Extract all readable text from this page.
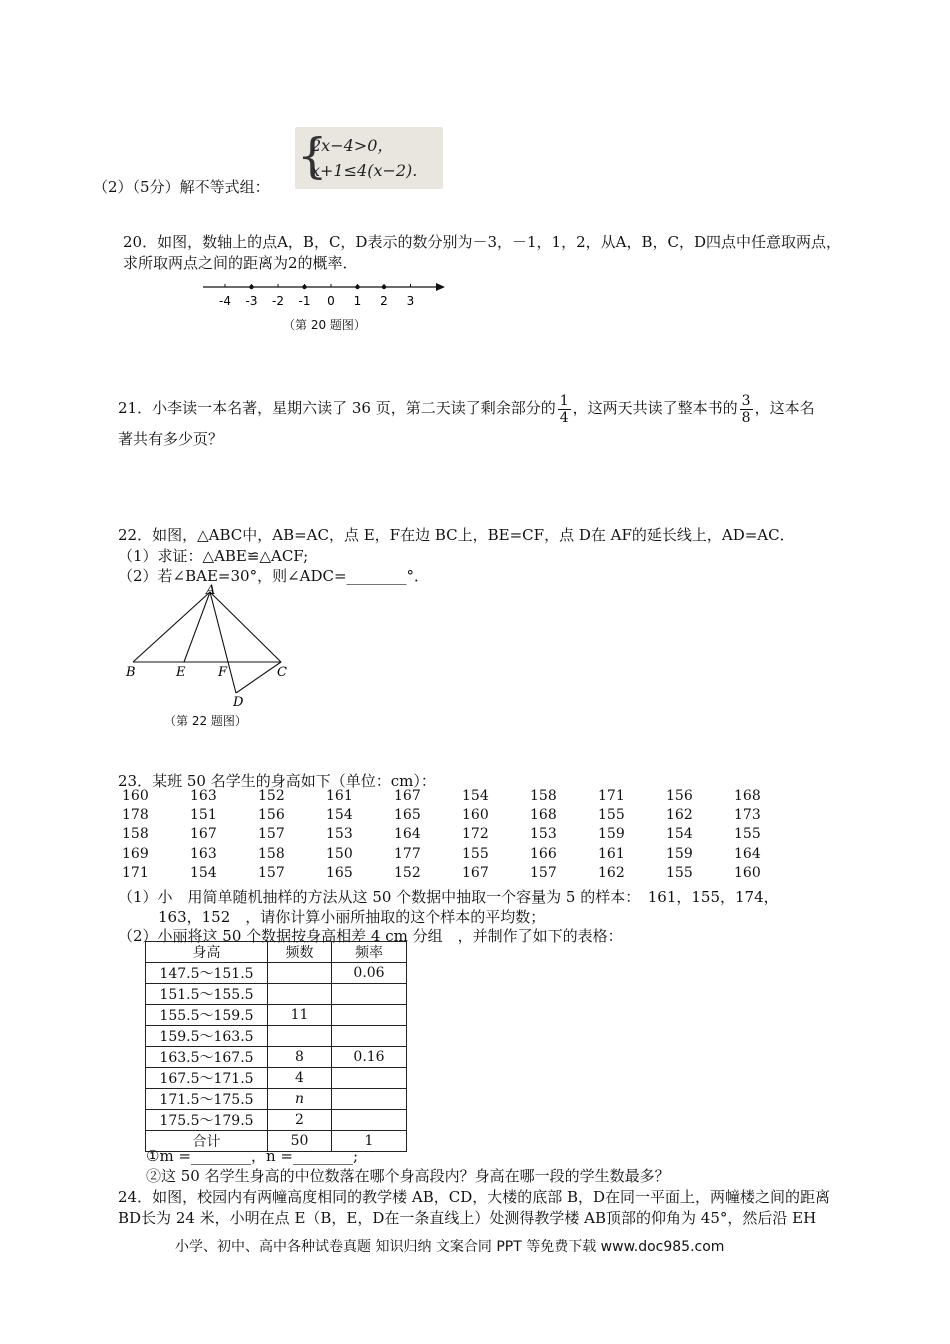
（2）（5分）解不等式组：
{
2x−4>0，
x+1≤4(x−2).
20．如图，数轴上的点A，B，C，D表示的数分别为－3，－1，1，2，从A，B，C，D四点中任意取两点，
求所取两点之间的距离为2的概率．
-4 -3 -2 -1 0 1 2 3
（第 20 题图）
21．小李读一本名著，星期六读了 36 页，第二天读了剩余部分的 $\frac{1}{4}$ ，这两天共读了整本书的 $\frac{3}{8}$ ，这本名
著共有多少页？
22．如图，△ABC中，AB=AC，点 E，F在边 BC上，BE=CF，点 D在 AF的延长线上，AD=AC．
（1）求证：△ABE≌△ACF;
（2）若∠BAE=30°，则∠ADC=________°．
A
B	E	F	C
D
（第 22 题图）
23．某班 50 名学生的身高如下（单位：cm）：
160	163	152	161	167	154	158	171	156	168
178	151	156	154	165	160	168	155	162	173
158	167	157	153	164	172	153	159	154	155
169	163	158	150	177	155	166	161	159	164
171	154	157	165	152	167	157	162	155	160
（1）小　用简单随机抽样的方法从这 50 个数据中抽取一个容量为 5 的样本：　161，155，174，
163，152　，请你计算小丽所抽取的这个样本的平均数；
（2）小丽将这 50 个数据按身高相差 4 cm 分组　，并制作了如下的表格：
身高	频数	频率
147.5～151.5		0.06
151.5～155.5		
155.5～159.5	11	
159.5～163.5		
163.5～167.5	8	0.16
167.5～171.5	4	
171.5～175.5	n	
175.5～179.5	2	
合计	50	1
①m =________，n =________;
②这 50 名学生身高的中位数落在哪个身高段内？身高在哪一段的学生数最多？
24．如图，校园内有两幢高度相同的教学楼 AB，CD，大楼的底部 B，D在同一平面上，两幢楼之间的距离
BD长为 24 米，小明在点 E（B，E，D在一条直线上）处测得教学楼 AB顶部的仰角为 45°，然后沿 EH
小学、初中、高中各种试卷真题 知识归纳 文案合同 PPT 等免费下载 www.doc985.com
